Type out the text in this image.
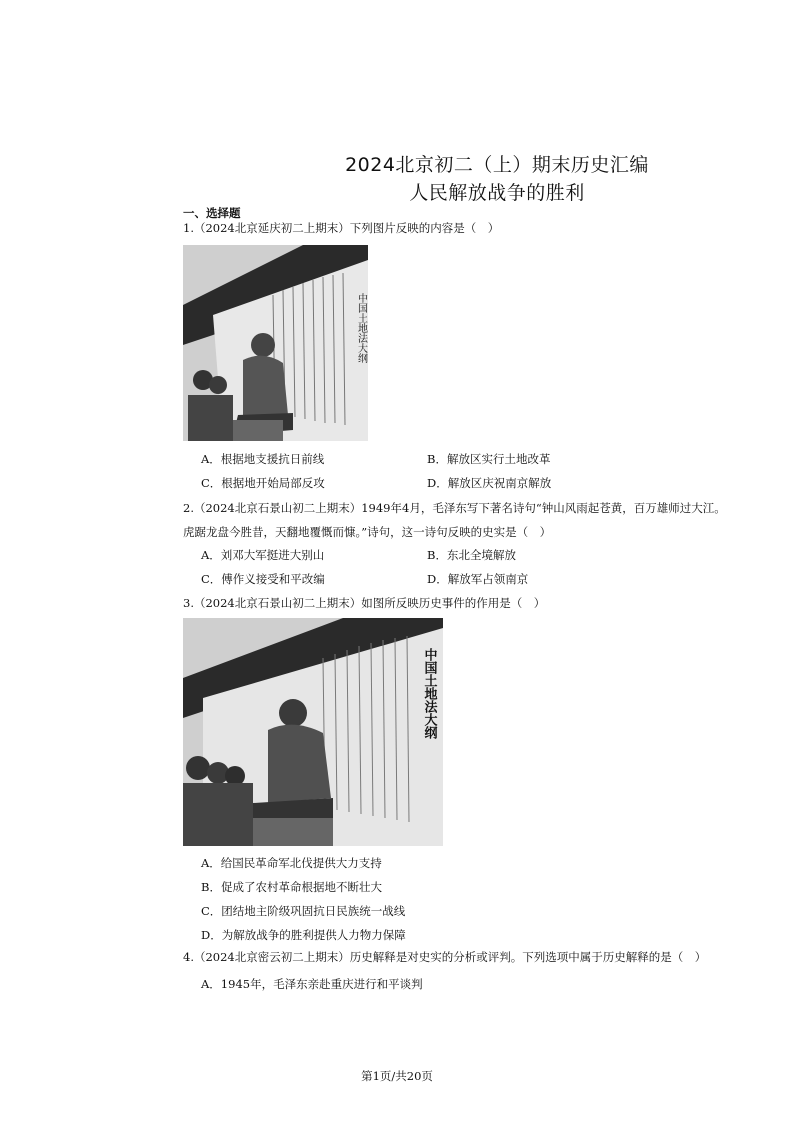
2024北京初二（上）期末历史汇编
人民解放战争的胜利
一、选择题
1.（2024北京延庆初二上期末）下列图片反映的内容是（　）
中国土地法大纲
A．根据地支援抗日前线	B．解放区实行土地改革
C．根据地开始局部反攻	D．解放区庆祝南京解放
2.（2024北京石景山初二上期末）1949年4月，毛泽东写下著名诗句“钟山风雨起苍黄，百万雄师过大江。
虎踞龙盘今胜昔，天翻地覆慨而慷。”诗句，这一诗句反映的史实是（　）
A．刘邓大军挺进大别山	B．东北全境解放
C．傅作义接受和平改编	D．解放军占领南京
3.（2024北京石景山初二上期末）如图所反映历史事件的作用是（　）
中国土地法大纲
A．给国民革命军北伐提供大力支持
B．促成了农村革命根据地不断壮大
C．团结地主阶级巩固抗日民族统一战线
D．为解放战争的胜利提供人力物力保障
4.（2024北京密云初二上期末）历史解释是对史实的分析或评判。下列选项中属于历史解释的是（　）
A．1945年，毛泽东亲赴重庆进行和平谈判
第1页/共20页
